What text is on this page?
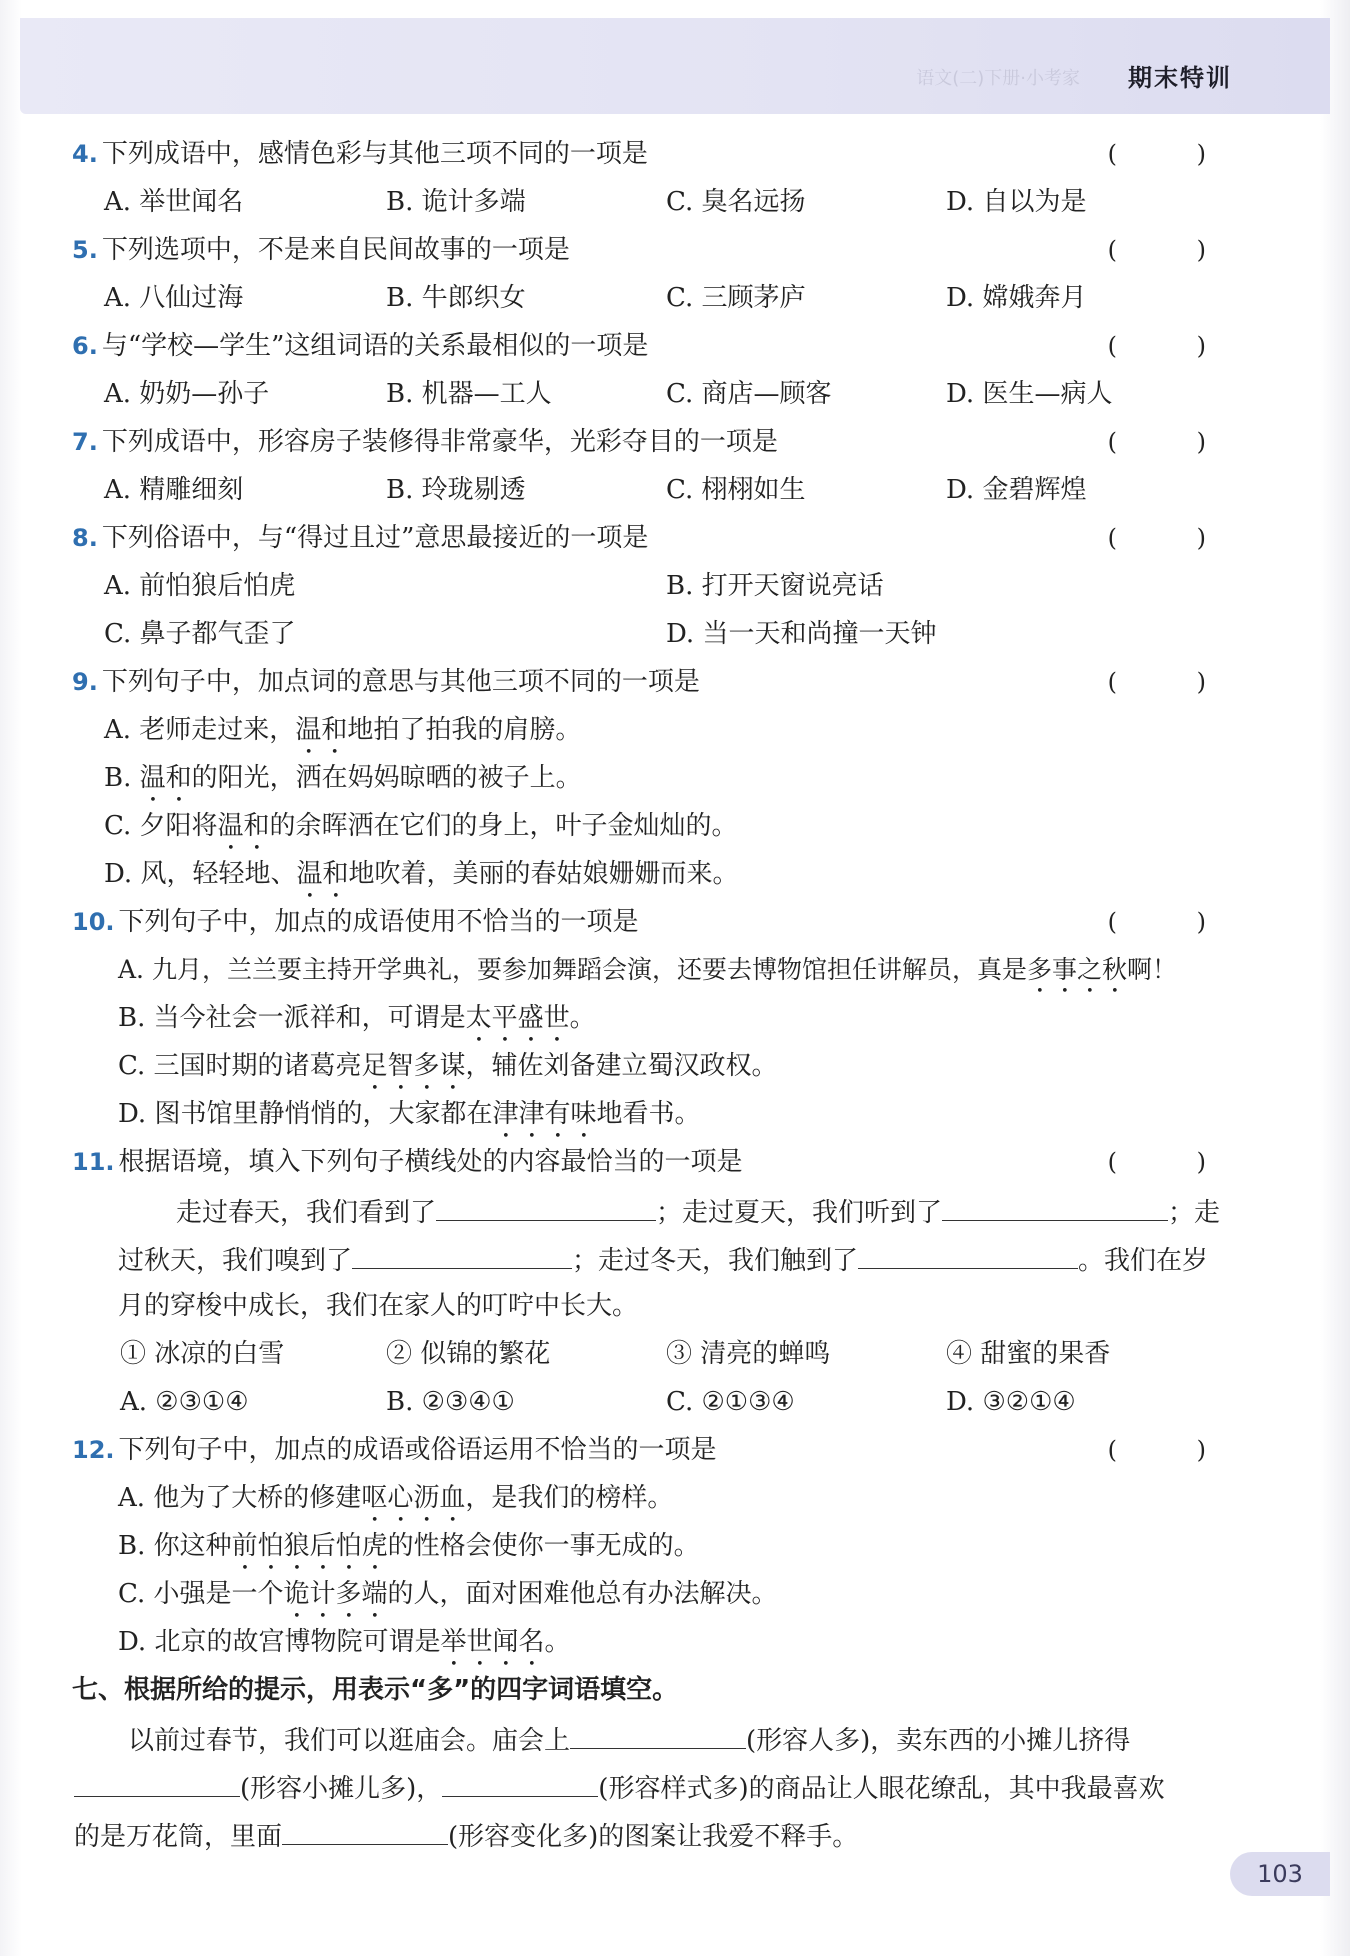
语文(二)下册·小考家 期末特训
4. 下列成语中，感情色彩与其他三项不同的一项是	( )
A. 举世闻名	B. 诡计多端	C. 臭名远扬	D. 自以为是
5. 下列选项中，不是来自民间故事的一项是	( )
A. 八仙过海	B. 牛郎织女	C. 三顾茅庐	D. 嫦娥奔月
6. 与“学校—学生”这组词语的关系最相似的一项是	( )
A. 奶奶—孙子	B. 机器—工人	C. 商店—顾客	D. 医生—病人
7. 下列成语中，形容房子装修得非常豪华，光彩夺目的一项是	( )
A. 精雕细刻	B. 玲珑剔透	C. 栩栩如生	D. 金碧辉煌
8. 下列俗语中，与“得过且过”意思最接近的一项是	( )
A. 前怕狼后怕虎	B. 打开天窗说亮话
C. 鼻子都气歪了	D. 当一天和尚撞一天钟
9. 下列句子中，加点词的意思与其他三项不同的一项是	( )
A. 老师走过来，温和地拍了拍我的肩膀。
B. 温和的阳光，洒在妈妈晾晒的被子上。
C. 夕阳将温和的余晖洒在它们的身上，叶子金灿灿的。
D. 风，轻轻地、温和地吹着，美丽的春姑娘姗姗而来。
10. 下列句子中，加点的成语使用不恰当的一项是	( )
A. 九月，兰兰要主持开学典礼，要参加舞蹈会演，还要去博物馆担任讲解员，真是多事之秋啊！
B. 当今社会一派祥和，可谓是太平盛世。
C. 三国时期的诸葛亮足智多谋，辅佐刘备建立蜀汉政权。
D. 图书馆里静悄悄的，大家都在津津有味地看书。
11. 根据语境，填入下列句子横线处的内容最恰当的一项是	( )
走过春天，我们看到了	；走过夏天，我们听到了	；走
过秋天，我们嗅到了	；走过冬天，我们触到了	。我们在岁
月的穿梭中成长，我们在家人的叮咛中长大。
① 冰凉的白雪	② 似锦的繁花	③ 清亮的蝉鸣	④ 甜蜜的果香
A. ②③①④	B. ②③④①	C. ②①③④	D. ③②①④
12. 下列句子中，加点的成语或俗语运用不恰当的一项是	( )
A. 他为了大桥的修建呕心沥血，是我们的榜样。
B. 你这种前怕狼后怕虎的性格会使你一事无成的。
C. 小强是一个诡计多端的人，面对困难他总有办法解决。
D. 北京的故宫博物院可谓是举世闻名。
七、根据所给的提示，用表示“多”的四字词语填空。
以前过春节，我们可以逛庙会。庙会上	(形容人多)，卖东西的小摊儿挤得
(形容小摊儿多)，	(形容样式多)的商品让人眼花缭乱，其中我最喜欢
的是万花筒，里面	(形容变化多)的图案让我爱不释手。
103
